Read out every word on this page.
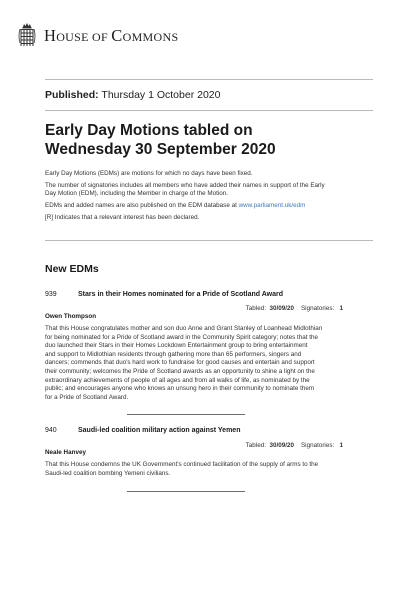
HOUSE OF COMMONS
Published: Thursday 1 October 2020
Early Day Motions tabled on
Wednesday 30 September 2020

Early Day Motions (EDMs) are motions for which no days have been fixed.

The number of signatories includes all members who have added their names in support of the Early
Day Motion (EDM), including the Member in charge of the Motion.

EDMs and added names are also published on the EDM database at www.parliament.uk/edm

[R] Indicates that a relevant interest has been declared.

New EDMs
939	Stars in their Homes nominated for a Pride of Scotland Award
Tabled: 30/09/20 Signatories: 1
Owen Thompson
That this House congratulates mother and son duo Anne and Grant Stanley of Loanhead Midlothian
for being nominated for a Pride of Scotland award in the Community Spirit category; notes that the
duo launched their Stars in their Homes Lockdown Entertainment group to bring entertainment
and support to Midlothian residents through gathering more than 65 performers, singers and
dancers; commends that duo's hard work to fundraise for good causes and entertain and support
their community; welcomes the Pride of Scotland awards as an opportunity to shine a light on the
extraordinary achievements of people of all ages and from all walks of life, as nominated by the
public; and encourages anyone who knows an unsung hero in their community to nominate them
for a Pride of Scotland Award.
940	Saudi-led coalition military action against Yemen
Tabled: 30/09/20 Signatories: 1
Neale Hanvey
That this House condemns the UK Government's continued facilitation of the supply of arms to the
Saudi-led coalition bombing Yemeni civilians.
